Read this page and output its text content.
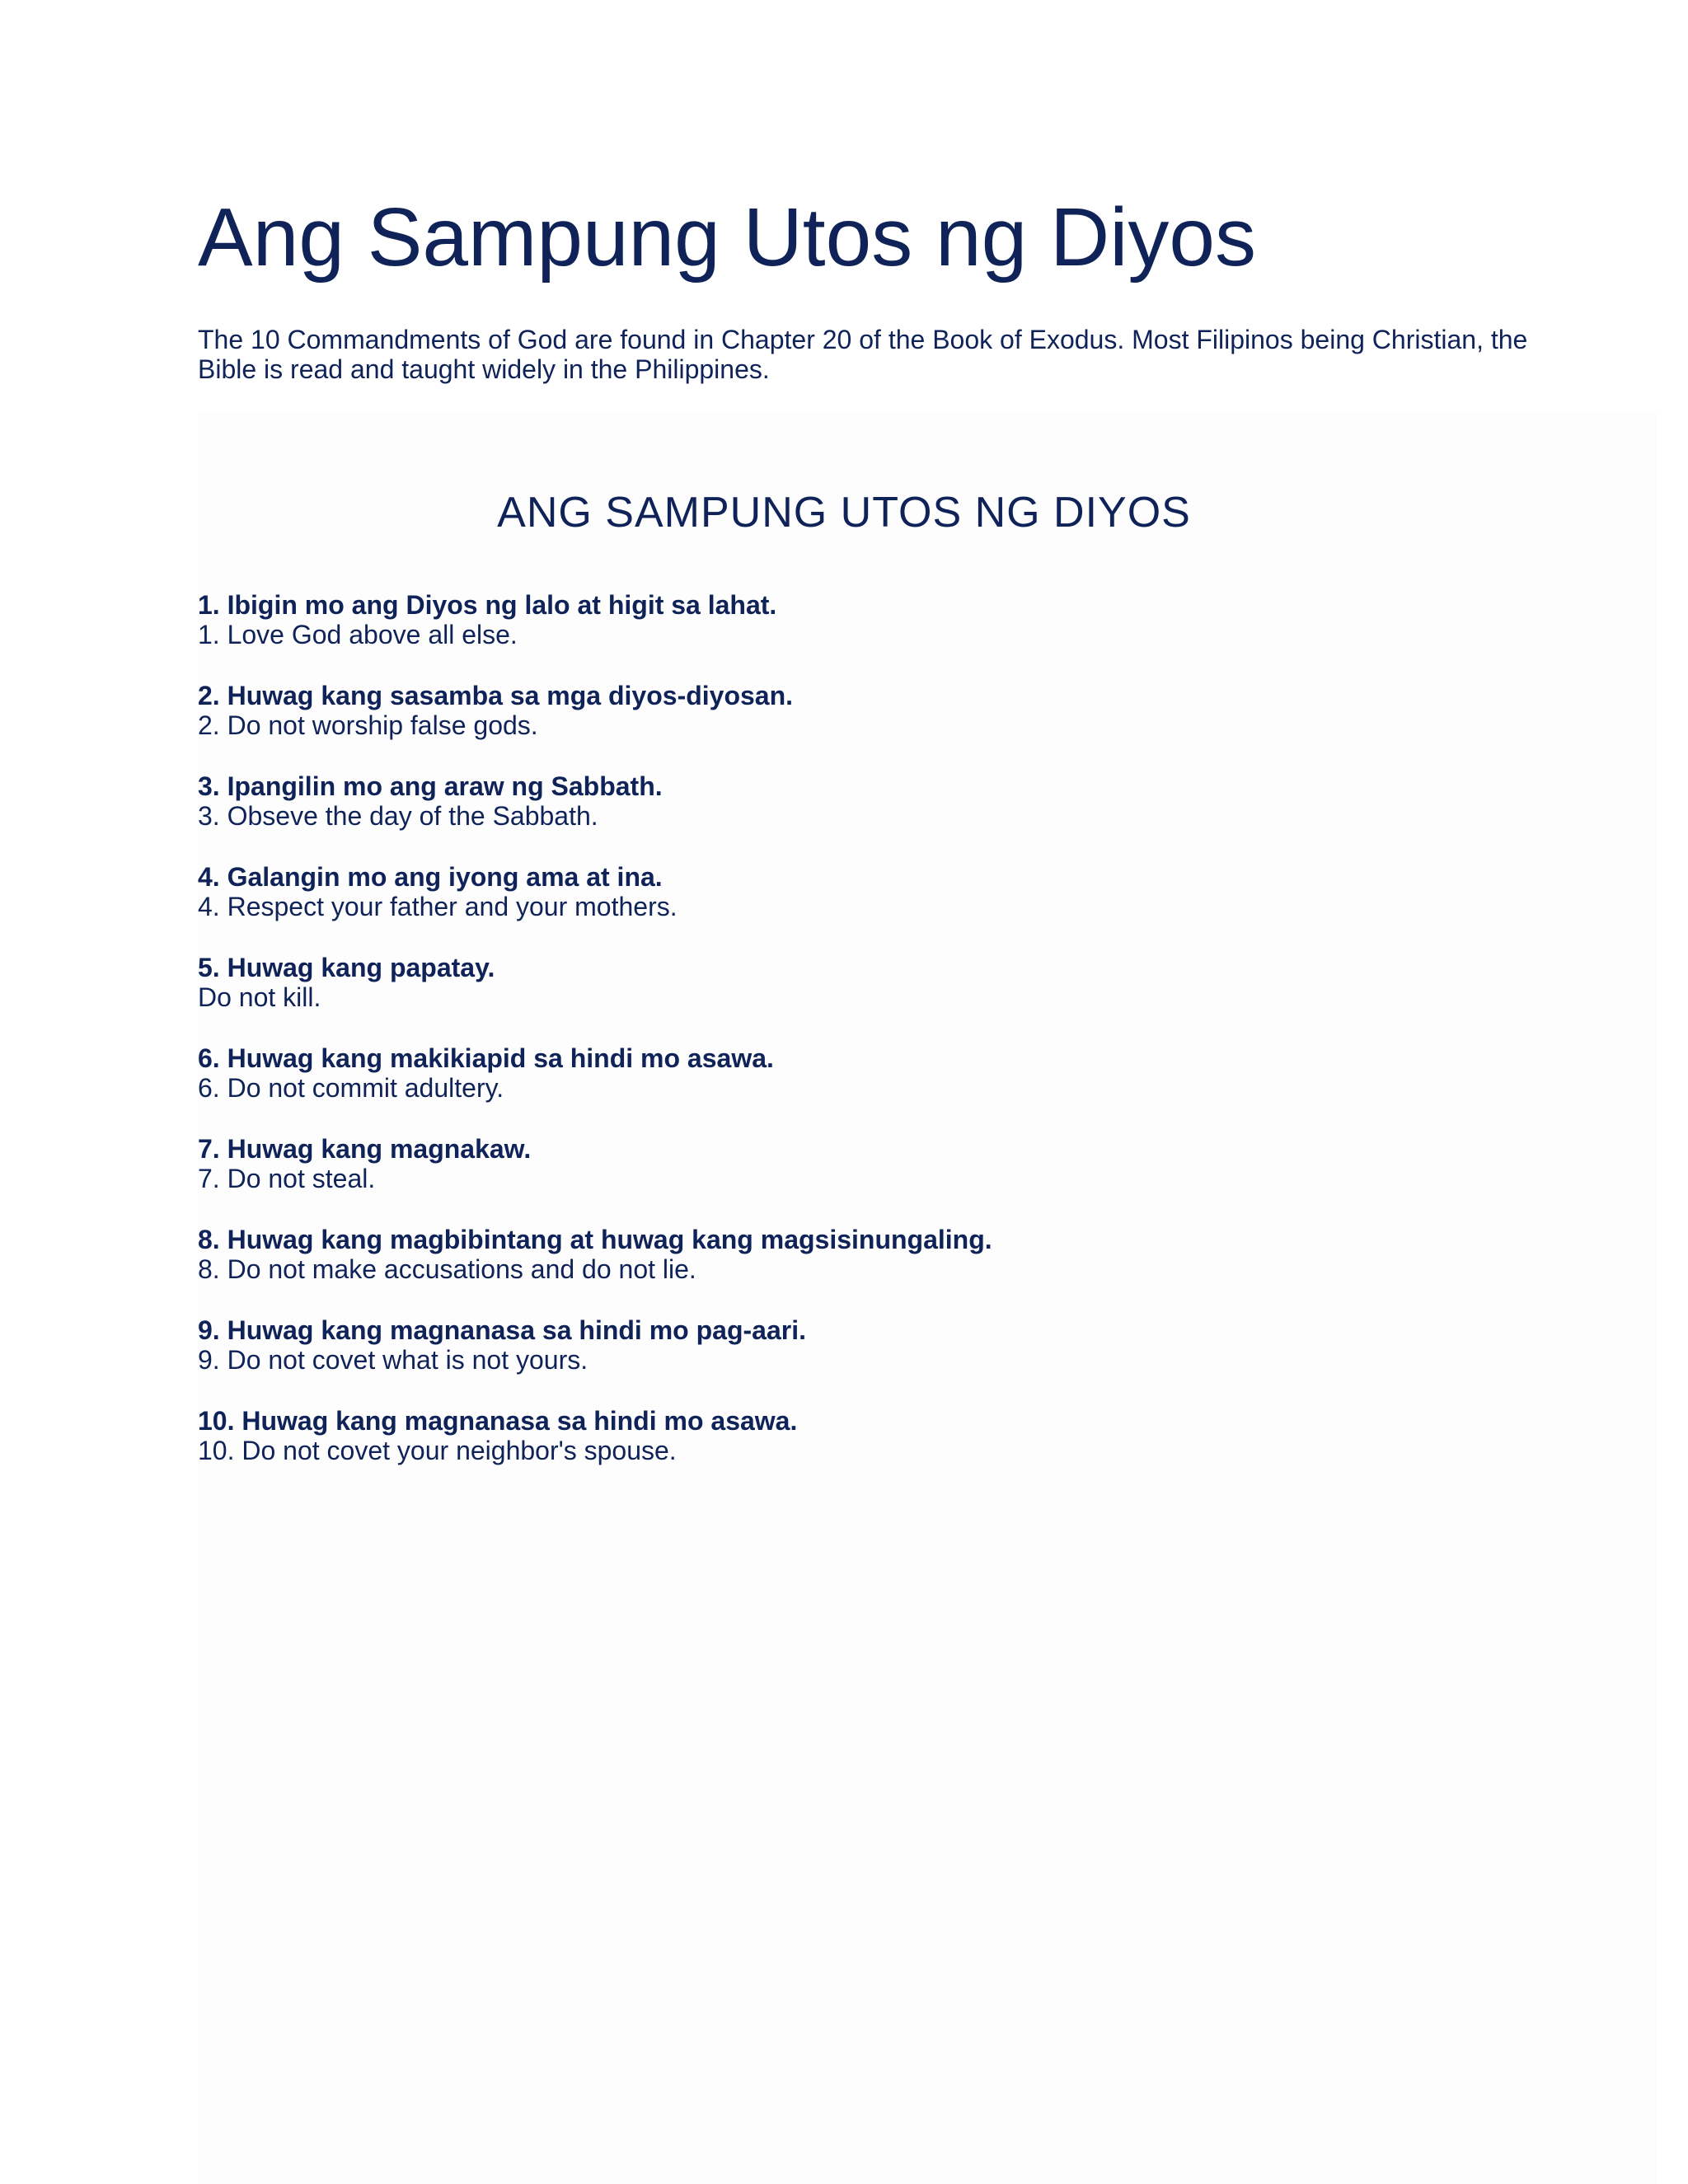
Ang Sampung Utos ng Diyos

The 10 Commandments of God are found in Chapter 20 of the Book of Exodus. Most Filipinos being Christian, the Bible is read and taught widely in the Philippines.

ANG SAMPUNG UTOS NG DIYOS
1. Ibigin mo ang Diyos ng lalo at higit sa lahat.
1. Love God above all else.
2. Huwag kang sasamba sa mga diyos-diyosan.
2. Do not worship false gods.
3. Ipangilin mo ang araw ng Sabbath.
3. Obseve the day of the Sabbath.
4. Galangin mo ang iyong ama at ina.
4. Respect your father and your mothers.
5. Huwag kang papatay.
Do not kill.
6. Huwag kang makikiapid sa hindi mo asawa.
6. Do not commit adultery.
7. Huwag kang magnakaw.
7. Do not steal.
8. Huwag kang magbibintang at huwag kang magsisinungaling.
8. Do not make accusations and do not lie.
9. Huwag kang magnanasa sa hindi mo pag-aari.
9. Do not covet what is not yours.
10. Huwag kang magnanasa sa hindi mo asawa.
10. Do not covet your neighbor's spouse.
